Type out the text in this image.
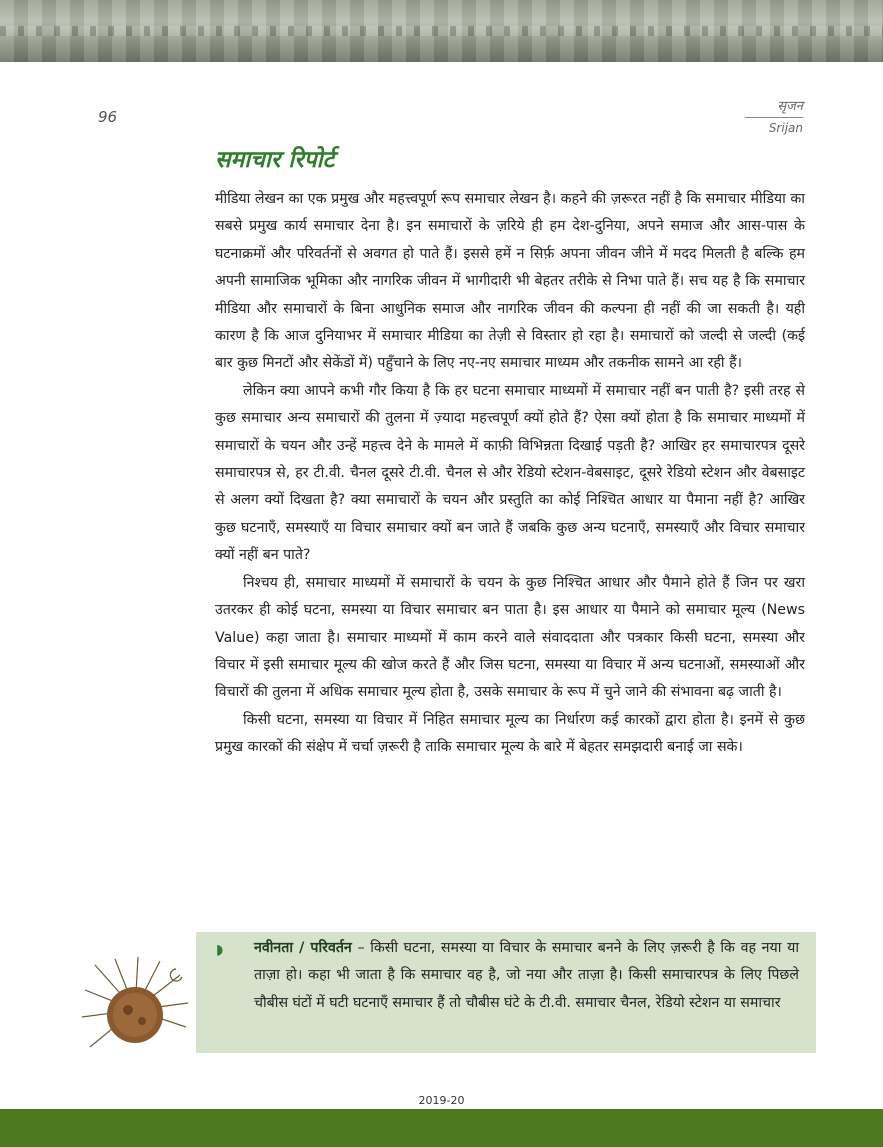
96
सृजन
Srijan
समाचार रिपोर्ट

मीडिया लेखन का एक प्रमुख और महत्त्वपूर्ण रूप समाचार लेखन है। कहने की ज़रूरत नहीं है कि समाचार मीडिया का सबसे प्रमुख कार्य समाचार देना है। इन समाचारों के ज़रिये ही हम देश-दुनिया, अपने समाज और आस-पास के घटनाक्रमों और परिवर्तनों से अवगत हो पाते हैं। इससे हमें न सिर्फ़ अपना जीवन जीने में मदद मिलती है बल्कि हम अपनी सामाजिक भूमिका और नागरिक जीवन में भागीदारी भी बेहतर तरीके से निभा पाते हैं। सच यह है कि समाचार मीडिया और समाचारों के बिना आधुनिक समाज और नागरिक जीवन की कल्पना ही नहीं की जा सकती है। यही कारण है कि आज दुनियाभर में समाचार मीडिया का तेज़ी से विस्तार हो रहा है। समाचारों को जल्दी से जल्दी (कई बार कुछ मिनटों और सेकेंडों में) पहुँचाने के लिए नए-नए समाचार माध्यम और तकनीक सामने आ रही हैं।

लेकिन क्या आपने कभी गौर किया है कि हर घटना समाचार माध्यमों में समाचार नहीं बन पाती है? इसी तरह से कुछ समाचार अन्य समाचारों की तुलना में ज़्यादा महत्त्वपूर्ण क्यों होते हैं? ऐसा क्यों होता है कि समाचार माध्यमों में समाचारों के चयन और उन्हें महत्त्व देने के मामले में काफ़ी विभिन्नता दिखाई पड़ती है? आखिर हर समाचारपत्र दूसरे समाचारपत्र से, हर टी.वी. चैनल दूसरे टी.वी. चैनल से और रेडियो स्टेशन-वेबसाइट, दूसरे रेडियो स्टेशन और वेबसाइट से अलग क्यों दिखता है? क्या समाचारों के चयन और प्रस्तुति का कोई निश्चित आधार या पैमाना नहीं है? आखिर कुछ घटनाएँ, समस्याएँ या विचार समाचार क्यों बन जाते हैं जबकि कुछ अन्य घटनाएँ, समस्याएँ और विचार समाचार क्यों नहीं बन पाते?

निश्चय ही, समाचार माध्यमों में समाचारों के चयन के कुछ निश्चित आधार और पैमाने होते हैं जिन पर खरा उतरकर ही कोई घटना, समस्या या विचार समाचार बन पाता है। इस आधार या पैमाने को समाचार मूल्य (News Value) कहा जाता है। समाचार माध्यमों में काम करने वाले संवाददाता और पत्रकार किसी घटना, समस्या और विचार में इसी समाचार मूल्य की खोज करते हैं और जिस घटना, समस्या या विचार में अन्य घटनाओं, समस्याओं और विचारों की तुलना में अधिक समाचार मूल्य होता है, उसके समाचार के रूप में चुने जाने की संभावना बढ़ जाती है।

किसी घटना, समस्या या विचार में निहित समाचार मूल्य का निर्धारण कई कारकों द्वारा होता है। इनमें से कुछ प्रमुख कारकों की संक्षेप में चर्चा ज़रूरी है ताकि समाचार मूल्य के बारे में बेहतर समझदारी बनाई जा सके।

◗ नवीनता / परिवर्तन – किसी घटना, समस्या या विचार के समाचार बनने के लिए ज़रूरी है कि वह नया या ताज़ा हो। कहा भी जाता है कि समाचार वह है, जो नया और ताज़ा है। किसी समाचारपत्र के लिए पिछले चौबीस घंटों में घटी घटनाएँ समाचार हैं तो चौबीस घंटे के टी.वी. समाचार चैनल, रेडियो स्टेशन या समाचार

2019-20
